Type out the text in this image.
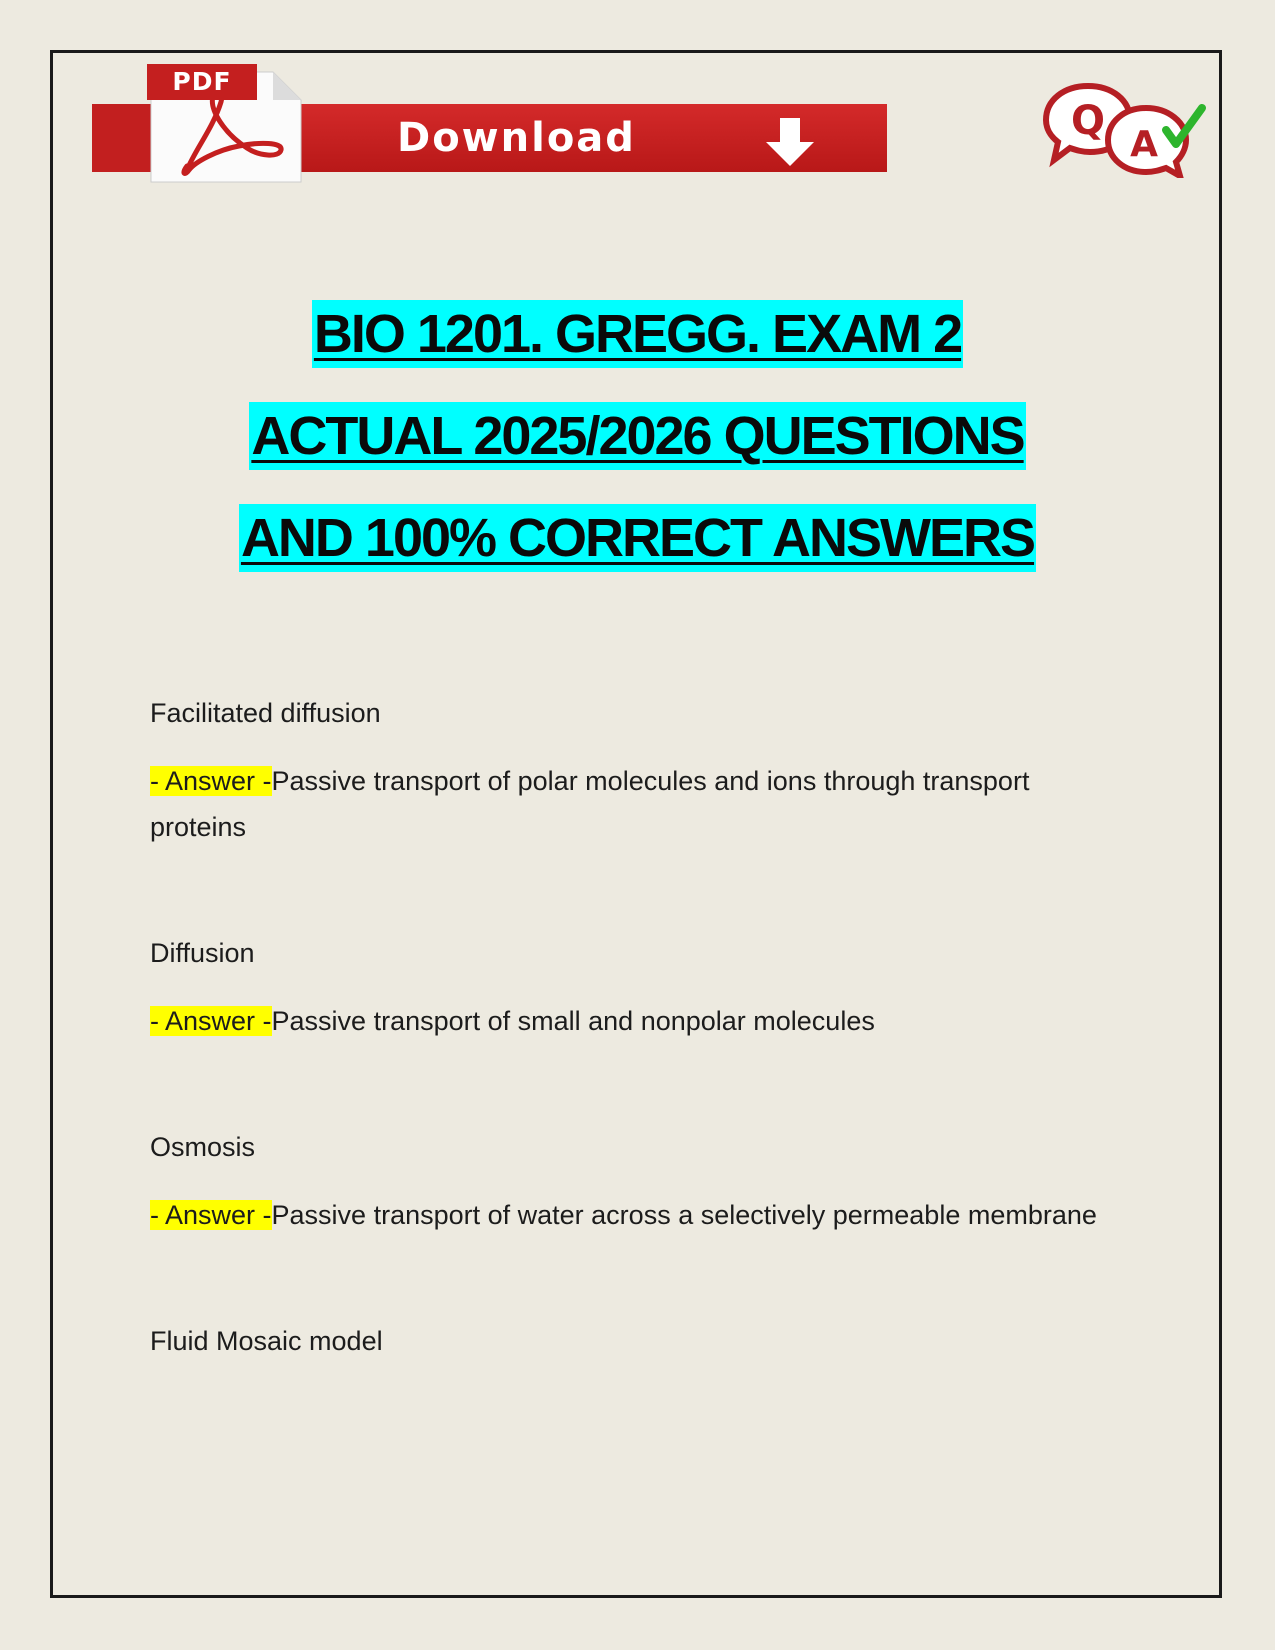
PDF
Download	Q
A
BIO 1201. GREGG. EXAM 2
ACTUAL 2025/2026 QUESTIONS
AND 100% CORRECT ANSWERS

Facilitated diffusion

- Answer -Passive transport of polar molecules and ions through transport proteins

Diffusion

- Answer -Passive transport of small and nonpolar molecules

Osmosis

- Answer -Passive transport of water across a selectively permeable membrane

Fluid Mosaic model
